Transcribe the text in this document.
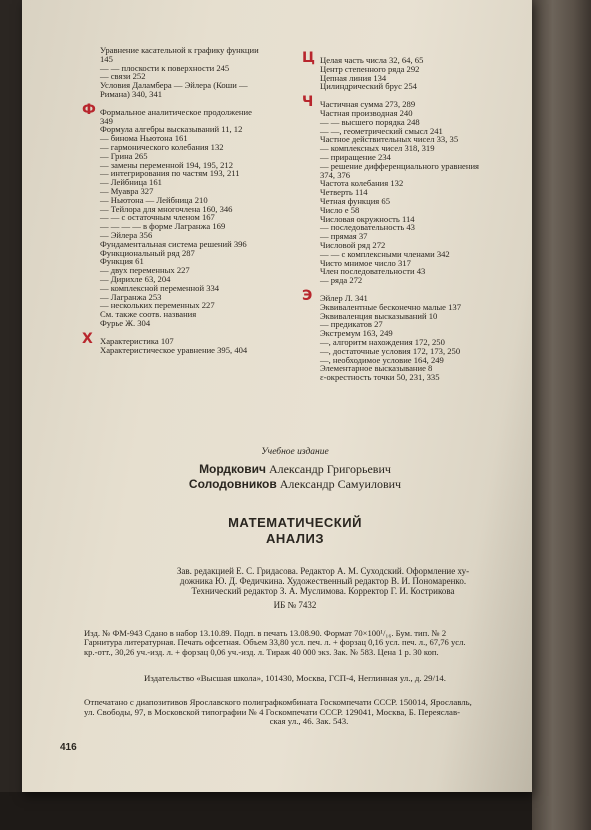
Уравнение касательной к графику функции
145
— — плоскости к поверхности 245
— связи 252
Условия Даламбера — Эйлера (Коши —
Римана) 340, 341
Ф Формальное аналитическое продолжение
349
Формула алгебры высказываний 11, 12
— бинома Ньютона 161
— гармонического колебания 132
— Грина 265
— замены переменной 194, 195, 212
— интегрирования по частям 193, 211
— Лейбница 161
— Муавра 327
— Ньютона — Лейбница 210
— Тейлора для многочлена 160, 346
— — с остаточным членом 167
— — — — в форме Лагранжа 169
— Эйлера 356
Фундаментальная система решений 396
Функциональный ряд 287
Функция 61
— двух переменных 227
— Дирихле 63, 204
— комплексной переменной 334
— Лагранжа 253
— нескольких переменных 227
См. также соотв. названия
Фурье Ж. 304
Х Характеристика 107
Характеристическое уравнение 395, 404
Ц Целая часть числа 32, 64, 65
Центр степенного ряда 292
Цепная линия 134
Цилиндрический брус 254
Ч Частичная сумма 273, 289
Частная производная 240
— — высшего порядка 248
— —, геометрический смысл 241
Частное действительных чисел 33, 35
— комплексных чисел 318, 319
— приращение 234
— решение дифференциального уравнения
374, 376
Частота колебания 132
Четверть 114
Четная функция 65
Число e 58
Числовая окружность 114
— последовательность 43
— прямая 37
Числовой ряд 272
— — с комплексными членами 342
Чисто мнимое число 317
Член последовательности 43
— ряда 272
Э Эйлер Л. 341
Эквивалентные бесконечно малые 137
Эквиваленция высказываний 10
— предикатов 27
Экстремум 163, 249
—, алгоритм нахождения 172, 250
—, достаточные условия 172, 173, 250
—, необходимое условие 164, 249
Элементарное высказывание 8
ε-окрестность точки 50, 231, 335
Учебное издание
Мордкович Александр Григорьевич
Солодовников Александр Самуилович
МАТЕМАТИЧЕСКИЙ
АНАЛИЗ
Зав. редакцией Е. С. Гридасова. Редактор А. М. Суходский. Оформление ху-
дожника Ю. Д. Федичкина. Художественный редактор В. И. Пономаренко.
Технический редактор З. А. Муслимова. Корректор Г. И. Кострикова
ИБ № 7432
Изд. № ФМ-943 Сдано в набор 13.10.89. Подп. в печать 13.08.90. Формат 70×100¹/₁₆. Бум. тип. № 2
Гарнитура литературная. Печать офсетная. Объем 33,80 усл. печ. л. + форзац 0,16 усл. печ. л., 67,76 усл.
кр.-отт., 30,26 уч.-изд. л. + форзац 0,06 уч.-изд. л. Тираж 40 000 экз. Зак. № 583. Цена 1 р. 30 коп.
Издательство «Высшая школа», 101430, Москва, ГСП-4, Неглинная ул., д. 29/14.
Отпечатано с диапозитивов Ярославского полиграфкомбината Госкомпечати СССР. 150014, Ярославль,
ул. Свободы, 97, в Московской типографии № 4 Госкомпечати СССР. 129041, Москва, Б. Переяслав-
ская ул., 46. Зак. 543.
416
